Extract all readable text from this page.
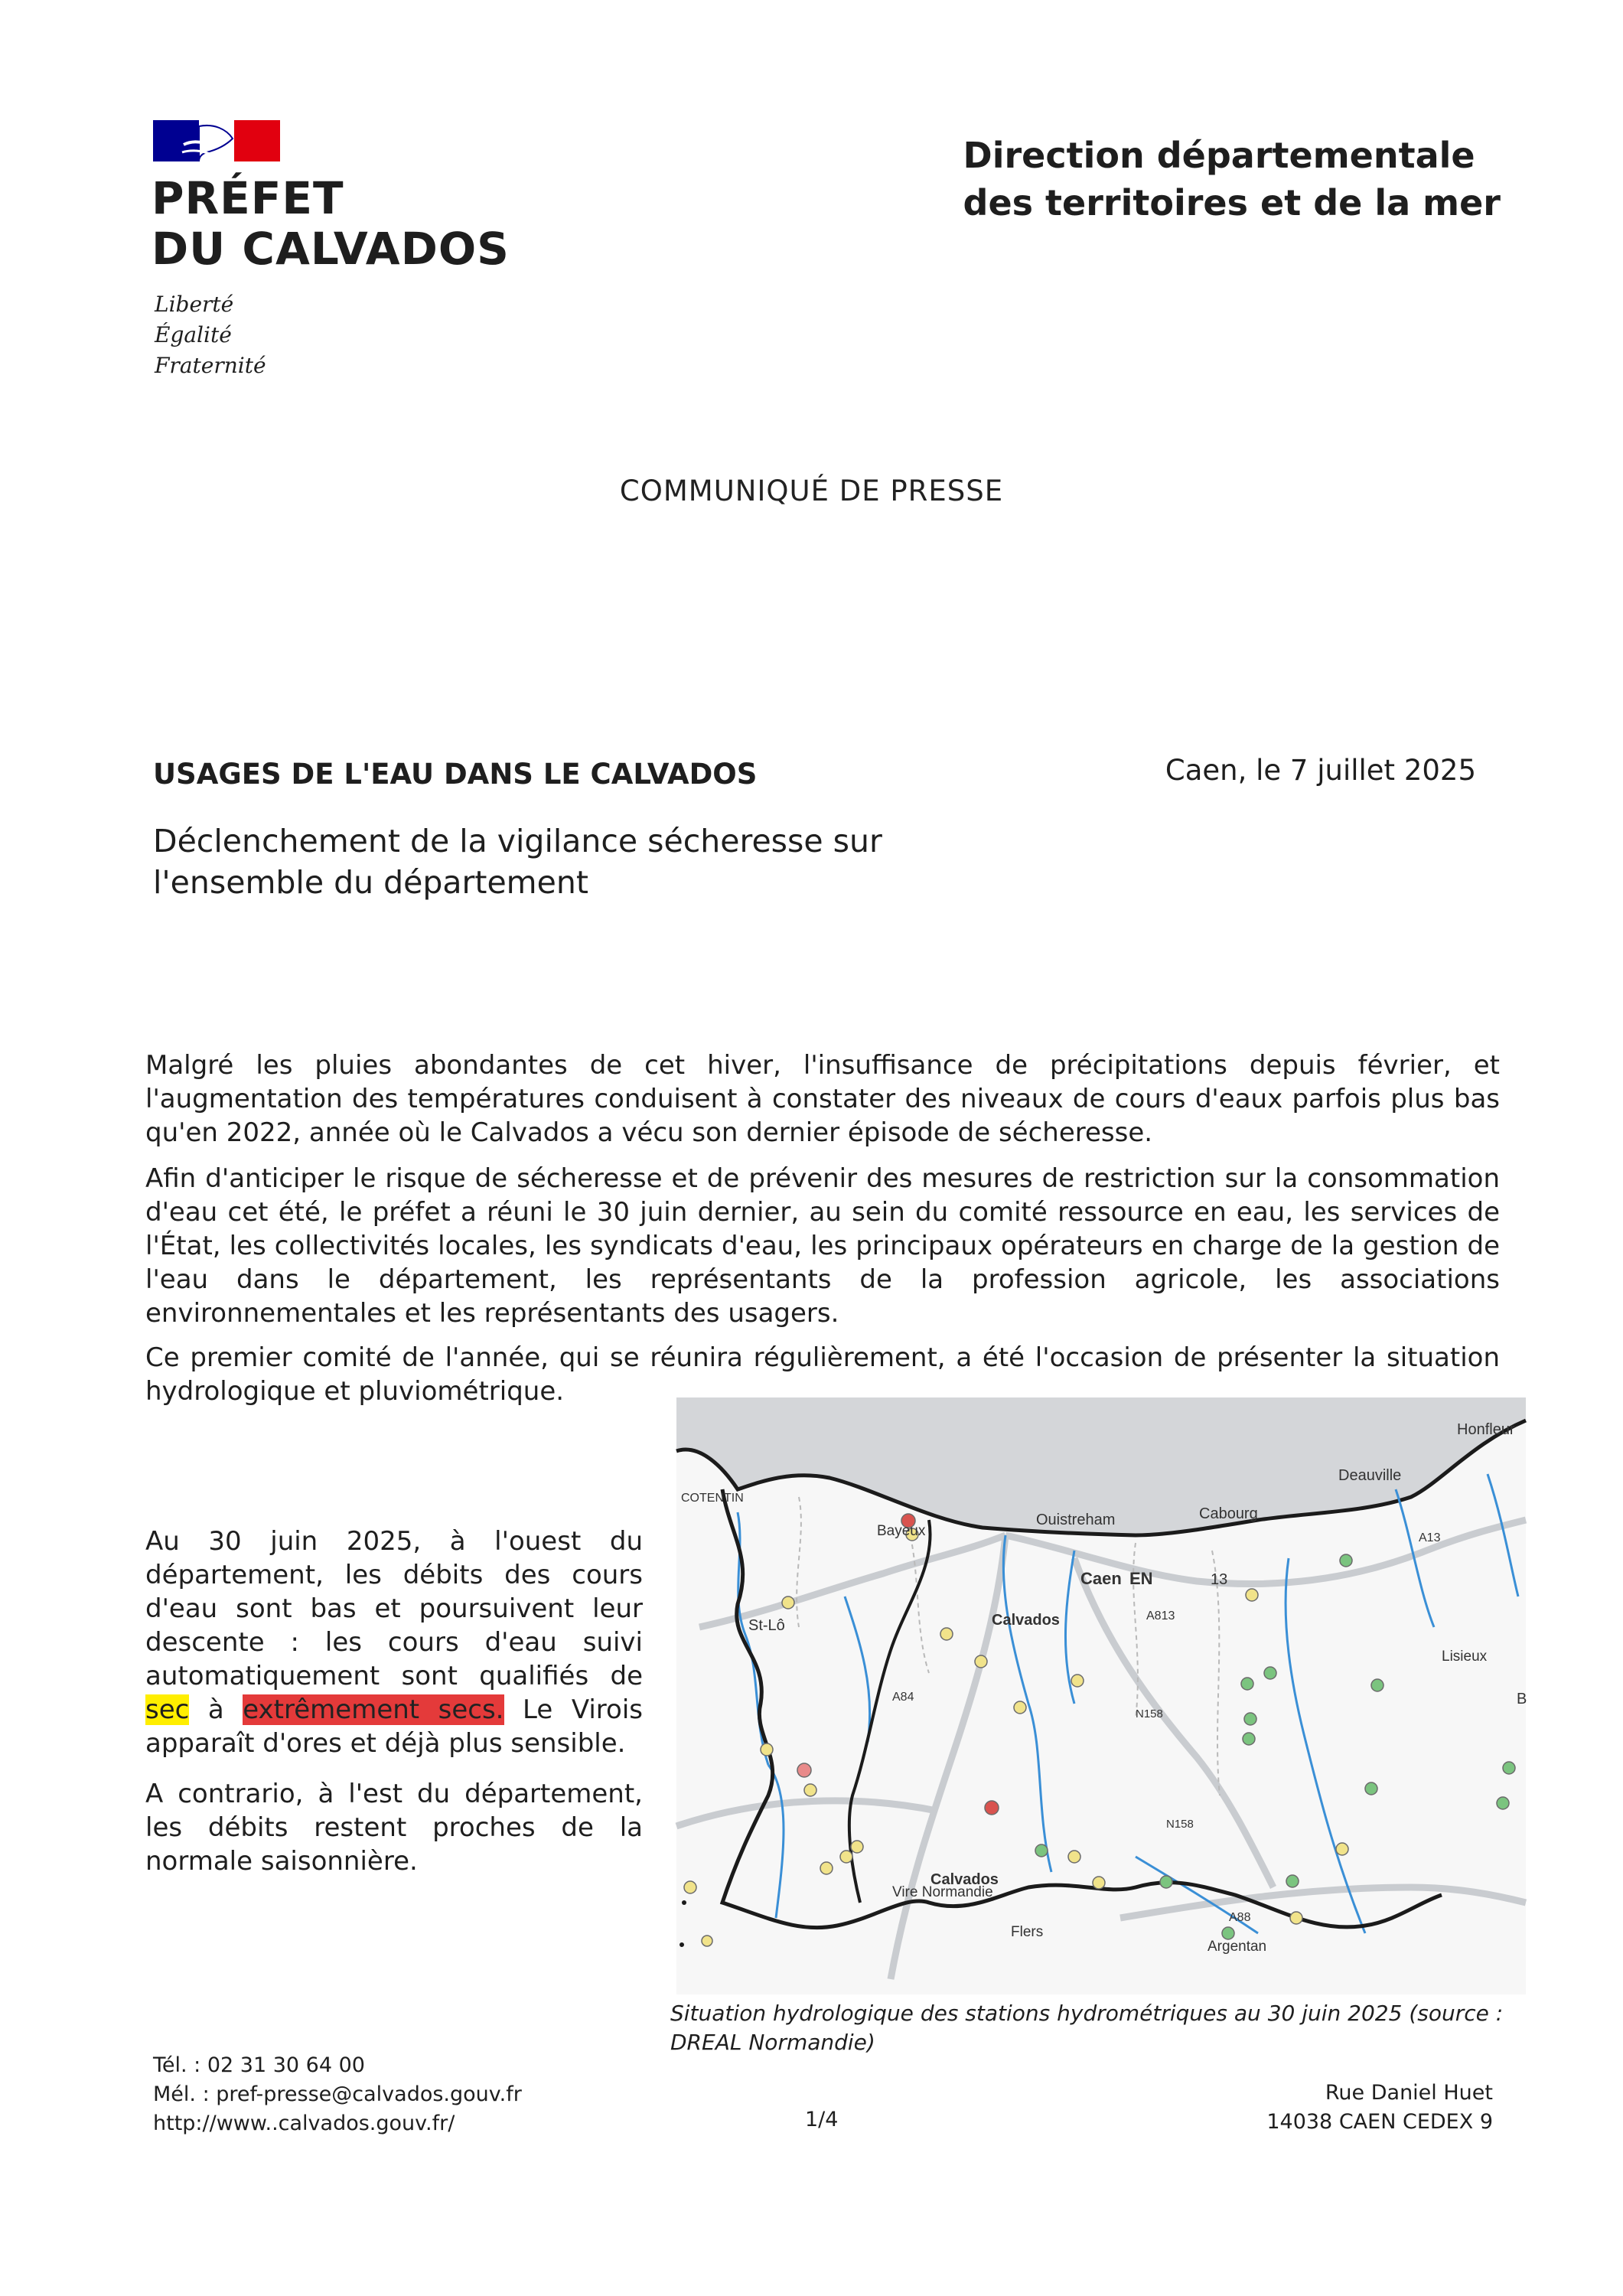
PRÉFET
DU CALVADOS
Liberté
Égalité
Fraternité
Direction départementale
des territoires et de la mer
COMMUNIQUÉ DE PRESSE
USAGES DE L'EAU DANS LE CALVADOS	Caen, le 7 juillet 2025
Déclenchement de la vigilance sécheresse sur l'ensemble du département

Malgré les pluies abondantes de cet hiver, l'insuffisance de précipitations depuis février, et l'augmentation des températures conduisent à constater des niveaux de cours d'eaux parfois plus bas qu'en 2022, année où le Calvados a vécu son dernier épisode de sécheresse.

Afin d'anticiper le risque de sécheresse et de prévenir des mesures de restriction sur la consommation d'eau cet été, le préfet a réuni le 30 juin dernier, au sein du comité ressource en eau, les services de l'État, les collectivités locales, les syndicats d'eau, les principaux opérateurs en charge de la gestion de l'eau dans le département, les représentants de la profession agricole, les associations environnementales et les représentants des usagers.

Ce premier comité de l'année, qui se réunira régulièrement, a été l'occasion de présenter la situation hydrologique et pluviométrique.

Au 30 juin 2025, à l'ouest du département, les débits des cours d'eau sont bas et poursuivent leur descente : les cours d'eau suivi automatiquement sont qualifiés de sec à extrêmement secs. Le Virois apparaît d'ores et déjà plus sensible.

A contrario, à l'est du département, les débits restent proches de la normale saisonnière.

Honfleur
Deauville
Cabourg
Ouistreham
Bayeux
Caen EN
Calvados
Calvados
St-Lô
Lisieux
Vire Normandie
Flers
Argentan
COTENTIN
A13
A84
A813
A88
N158
N158
13
B
Situation hydrologique des stations hydrométriques au 30 juin 2025 (source : DREAL Normandie)
Tél. : 02 31 30 64 00
Mél. : pref-presse@calvados.gouv.fr
http://www..calvados.gouv.fr/	1/4
Rue Daniel Huet
14038 CAEN CEDEX 9
